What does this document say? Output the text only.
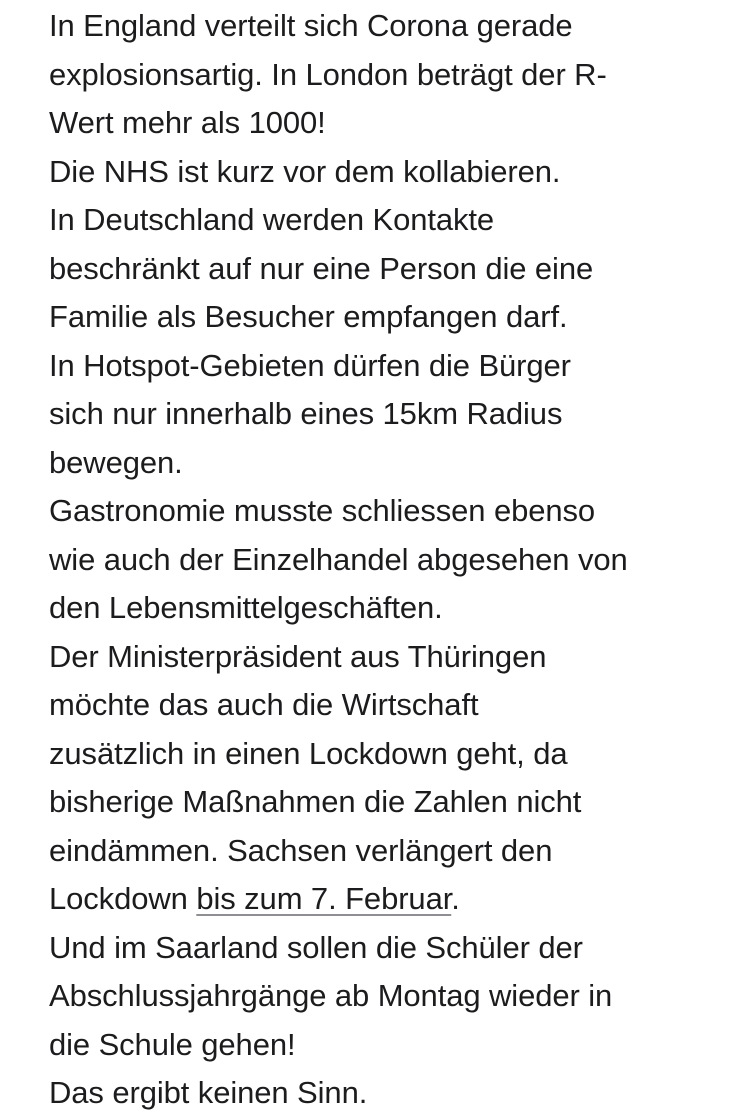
In England verteilt sich Corona gerade
explosionsartig. In London beträgt der R-
Wert mehr als 1000!
Die NHS ist kurz vor dem kollabieren.
In Deutschland werden Kontakte
beschränkt auf nur eine Person die eine
Familie als Besucher empfangen darf.
In Hotspot-Gebieten dürfen die Bürger
sich nur innerhalb eines 15km Radius
bewegen.
Gastronomie musste schliessen ebenso
wie auch der Einzelhandel abgesehen von
den Lebensmittelgeschäften.
Der Ministerpräsident aus Thüringen
möchte das auch die Wirtschaft
zusätzlich in einen Lockdown geht, da
bisherige Maßnahmen die Zahlen nicht
eindämmen. Sachsen verlängert den
Lockdown bis zum 7. Februar.
Und im Saarland sollen die Schüler der
Abschlussjahrgänge ab Montag wieder in
die Schule gehen!
Das ergibt keinen Sinn.
